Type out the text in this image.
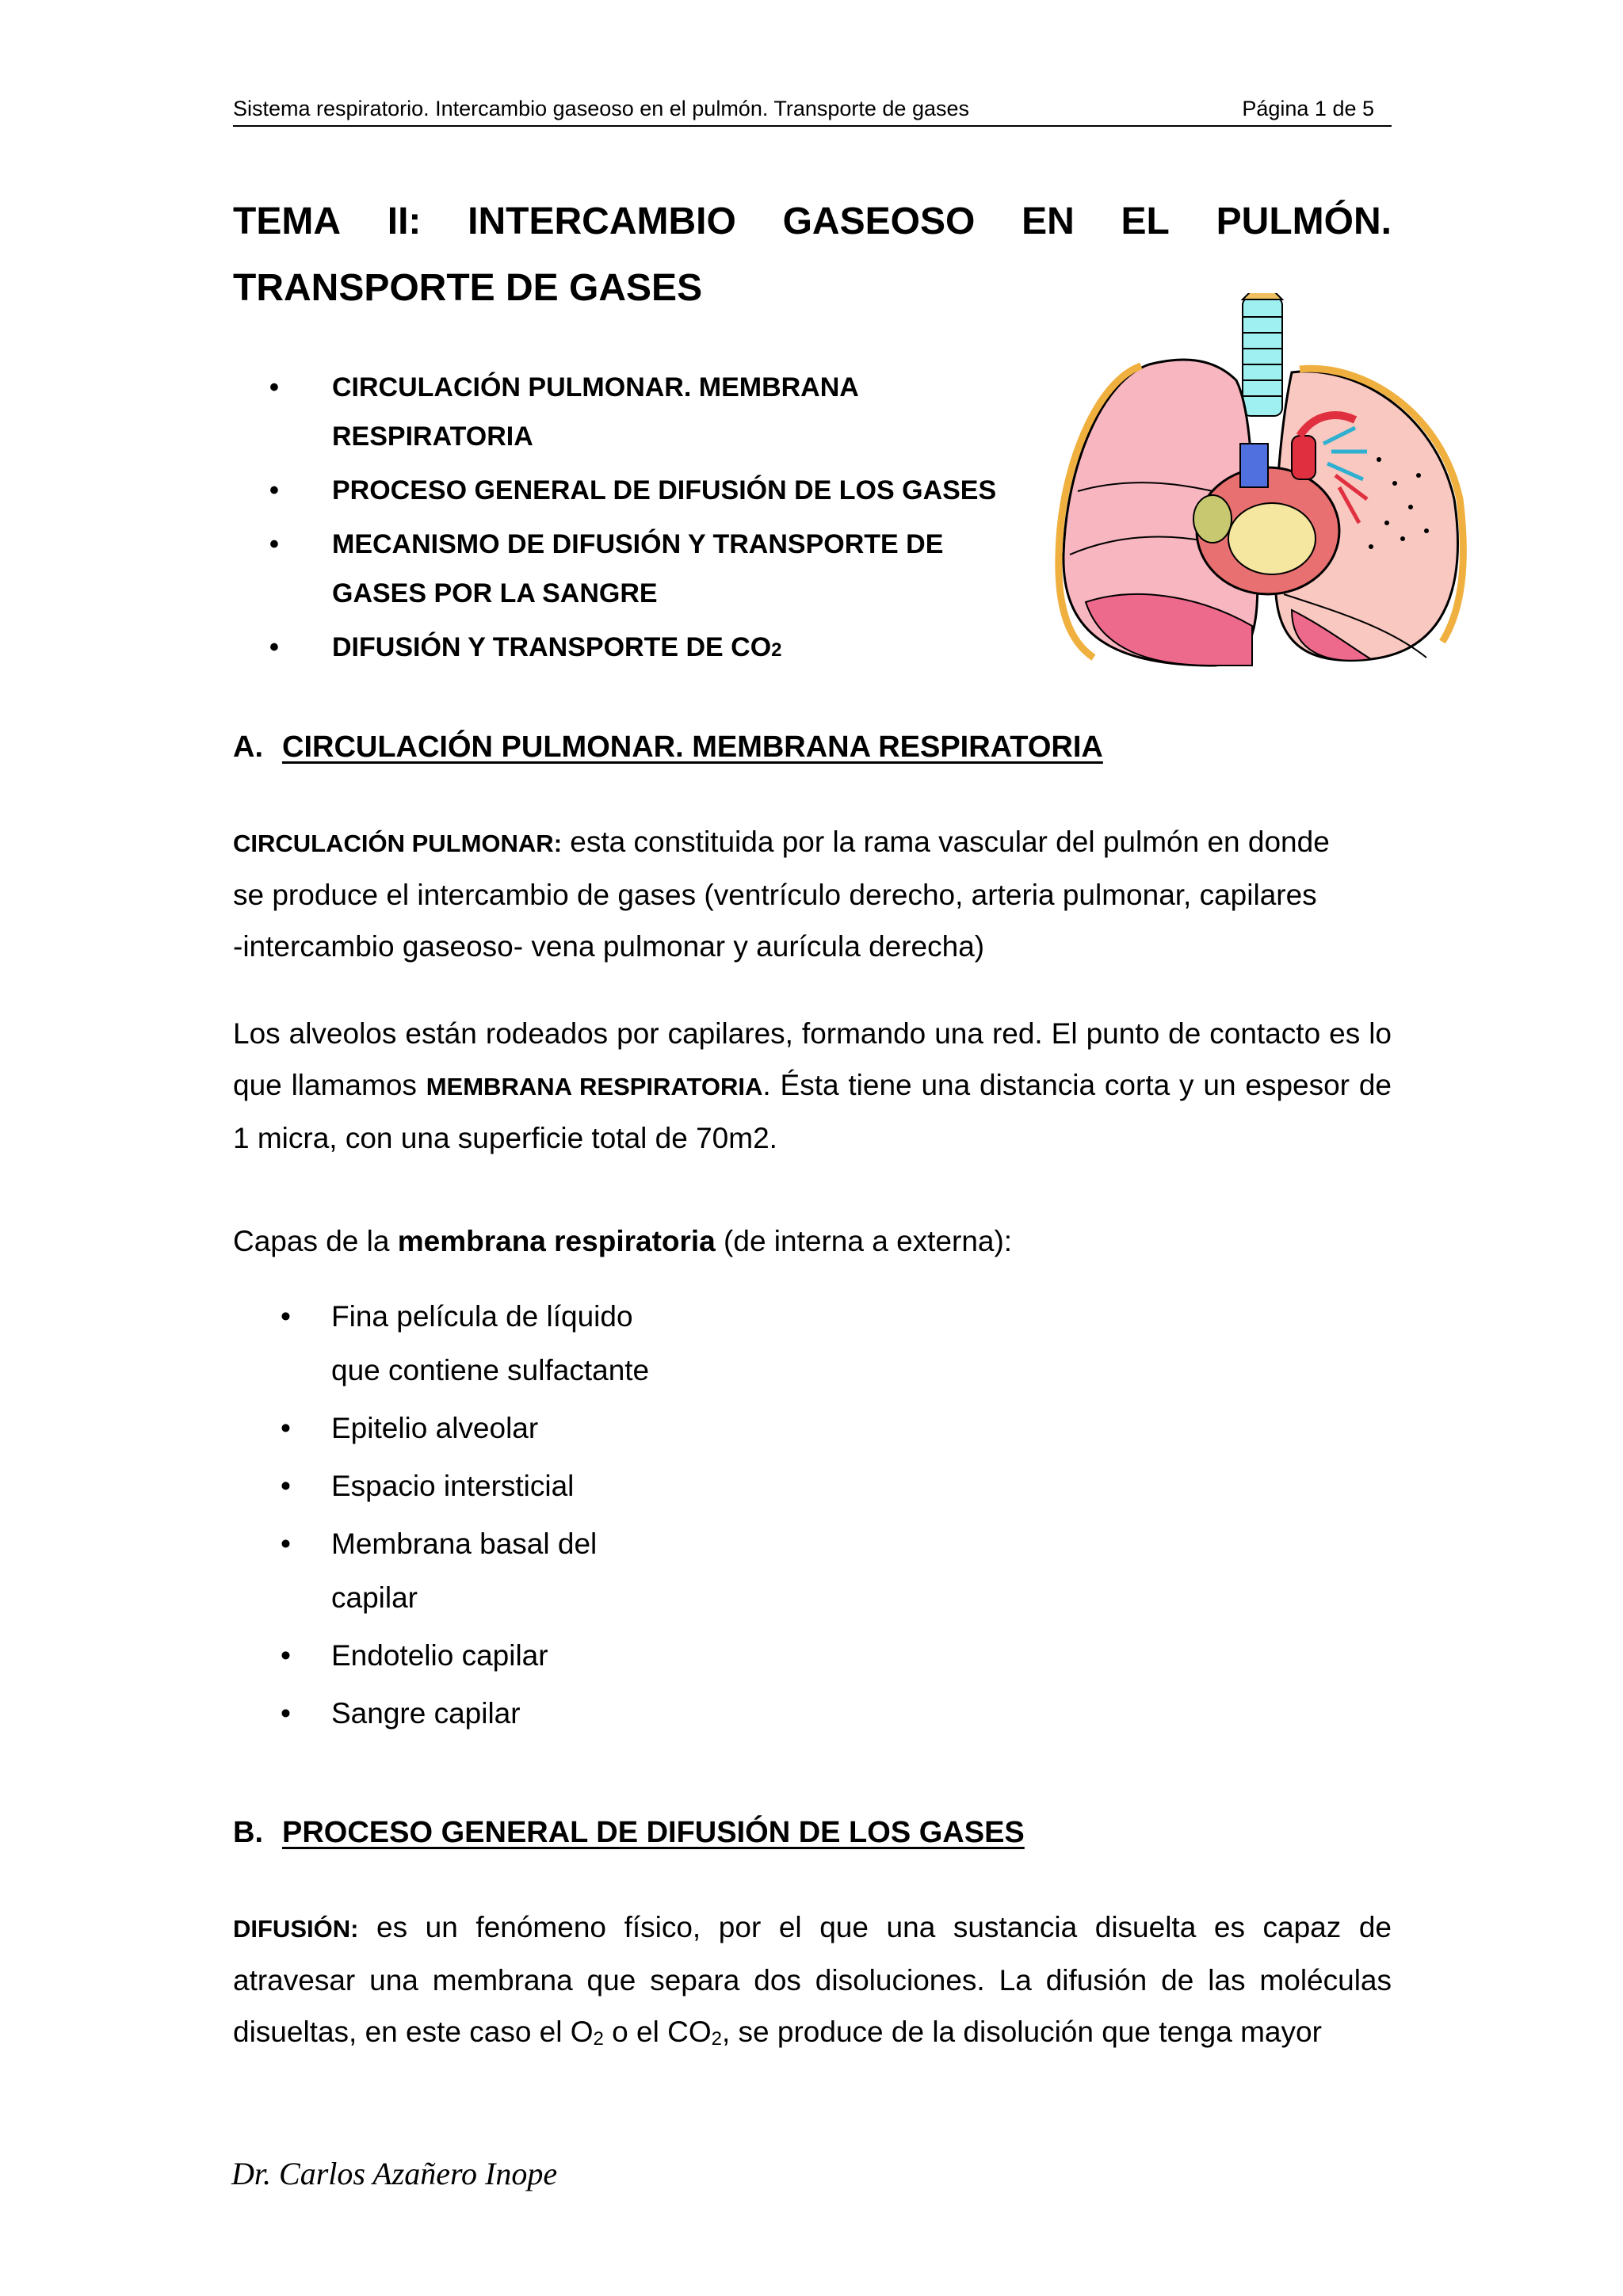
Sistema respiratorio. Intercambio gaseoso en el pulmón. Transporte de gases	Página 1 de 5
TEMA II: INTERCAMBIO GASEOSO EN EL PULMÓN.
TRANSPORTE DE GASES
• CIRCULACIÓN PULMONAR. MEMBRANA
RESPIRATORIA
• PROCESO GENERAL DE DIFUSIÓN DE LOS GASES
• MECANISMO DE DIFUSIÓN Y TRANSPORTE DE
GASES POR LA SANGRE
• DIFUSIÓN Y TRANSPORTE DE CO2
A. CIRCULACIÓN PULMONAR. MEMBRANA RESPIRATORIA
CIRCULACIÓN PULMONAR: esta constituida por la rama vascular del pulmón en donde
se produce el intercambio de gases (ventrículo derecho, arteria pulmonar, capilares
-intercambio gaseoso- vena pulmonar y aurícula derecha)
Los alveolos están rodeados por capilares, formando una red. El punto de contacto es lo que llamamos MEMBRANA RESPIRATORIA. Ésta tiene una distancia corta y un espesor de 1 micra, con una superficie total de 70m2.
Capas de la membrana respiratoria (de interna a externa):
• Fina película de líquido
que contiene sulfactante
• Epitelio alveolar
• Espacio intersticial
• Membrana basal del
capilar
• Endotelio capilar
• Sangre capilar
B. PROCESO GENERAL DE DIFUSIÓN DE LOS GASES
DIFUSIÓN: es un fenómeno físico, por el que una sustancia disuelta es capaz de atravesar una membrana que separa dos disoluciones. La difusión de las moléculas disueltas, en este caso el $O_2$ o el $CO_2$, se produce de la disolución que tenga mayor
Dr. Carlos Azañero Inope
